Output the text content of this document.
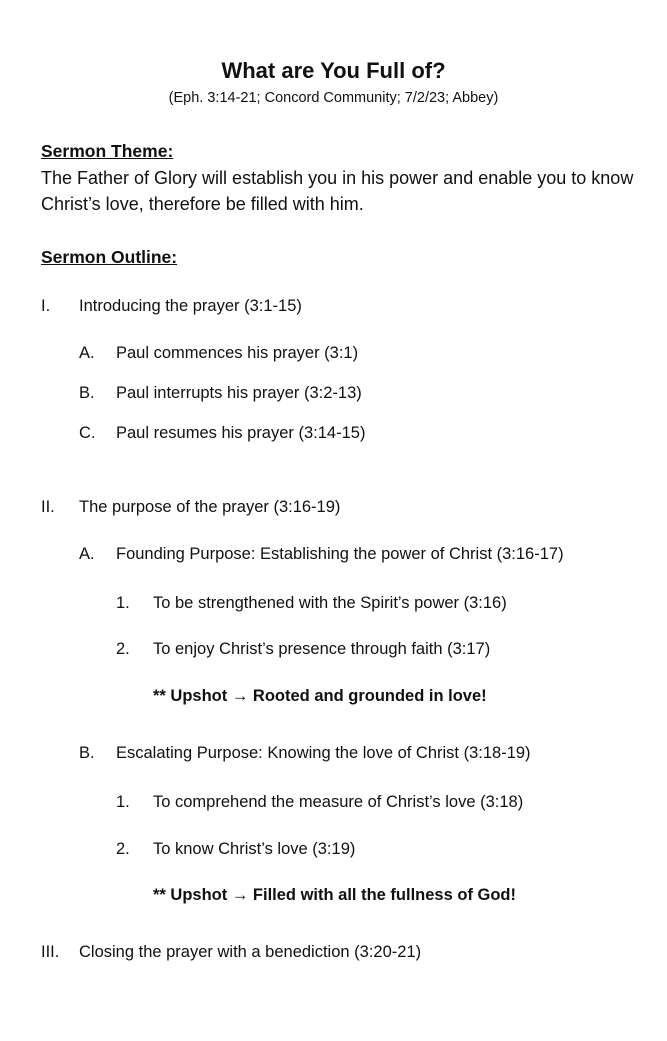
What are You Full of?
(Eph. 3:14-21; Concord Community; 7/2/23; Abbey)
Sermon Theme:
The Father of Glory will establish you in his power and enable you to know Christ’s love, therefore be filled with him.
Sermon Outline:
I. Introducing the prayer (3:1-15)
A. Paul commences his prayer (3:1)
B. Paul interrupts his prayer (3:2-13)
C. Paul resumes his prayer (3:14-15)
II. The purpose of the prayer (3:16-19)
A. Founding Purpose: Establishing the power of Christ (3:16-17)
1. To be strengthened with the Spirit’s power (3:16)
2. To enjoy Christ’s presence through faith (3:17)
** Upshot → Rooted and grounded in love!
B. Escalating Purpose: Knowing the love of Christ (3:18-19)
1. To comprehend the measure of Christ’s love (3:18)
2. To know Christ’s love (3:19)
** Upshot → Filled with all the fullness of God!
III. Closing the prayer with a benediction (3:20-21)
